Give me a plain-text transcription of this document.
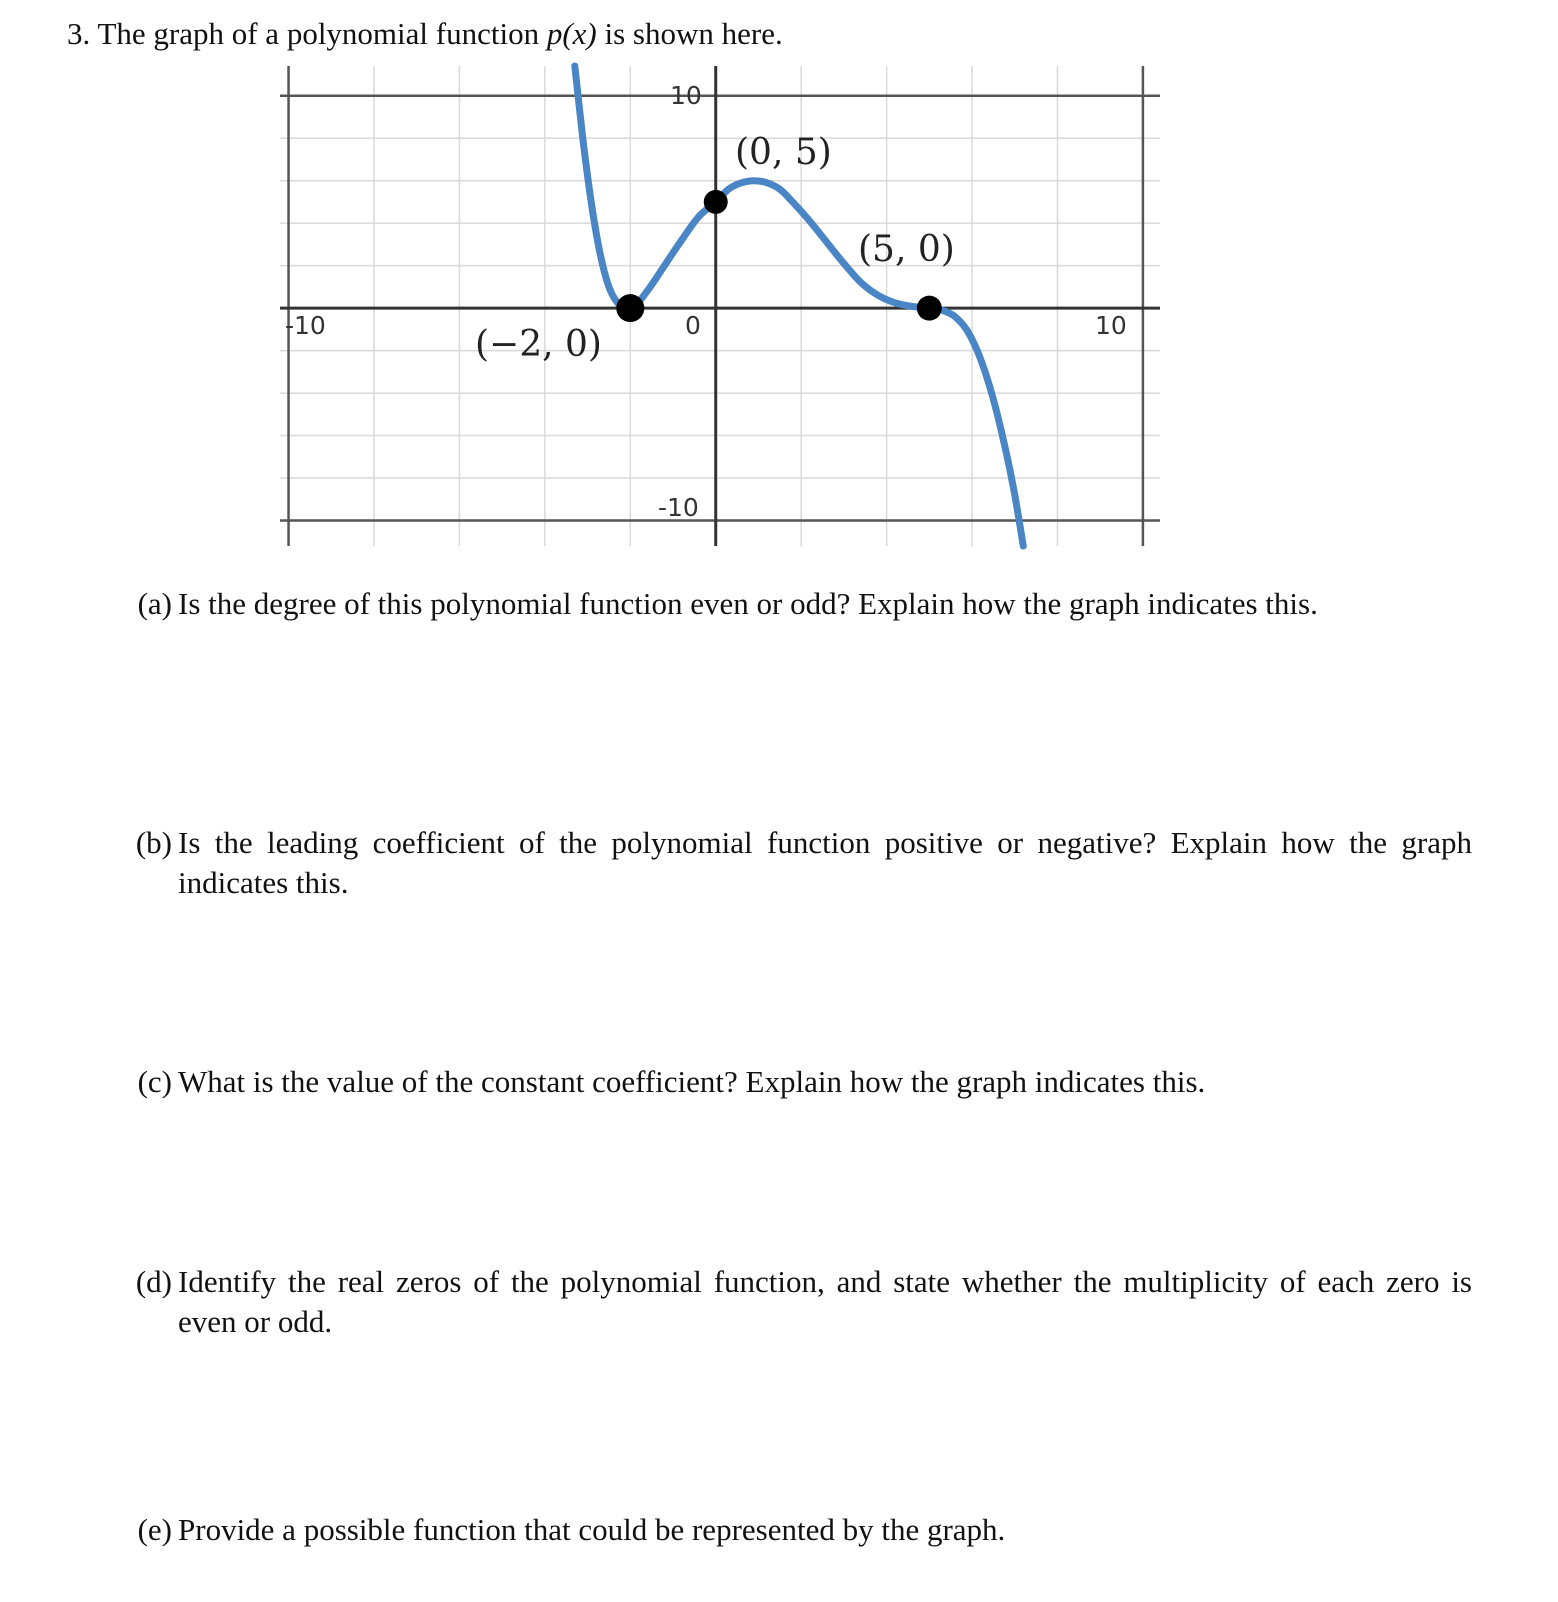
3. The graph of a polynomial function p(x) is shown here.
-10	0	10
10
-10
(−2, 0)
(0, 5)
(5, 0)
(a) Is the degree of this polynomial function even or odd? Explain how the graph indicates this.
(b) Is the leading coefficient of the polynomial function positive or negative? Explain how the graph indicates this.
(c) What is the value of the constant coefficient? Explain how the graph indicates this.
(d) Identify the real zeros of the polynomial function, and state whether the multiplicity of each zero is even or odd.
(e) Provide a possible function that could be represented by the graph.
